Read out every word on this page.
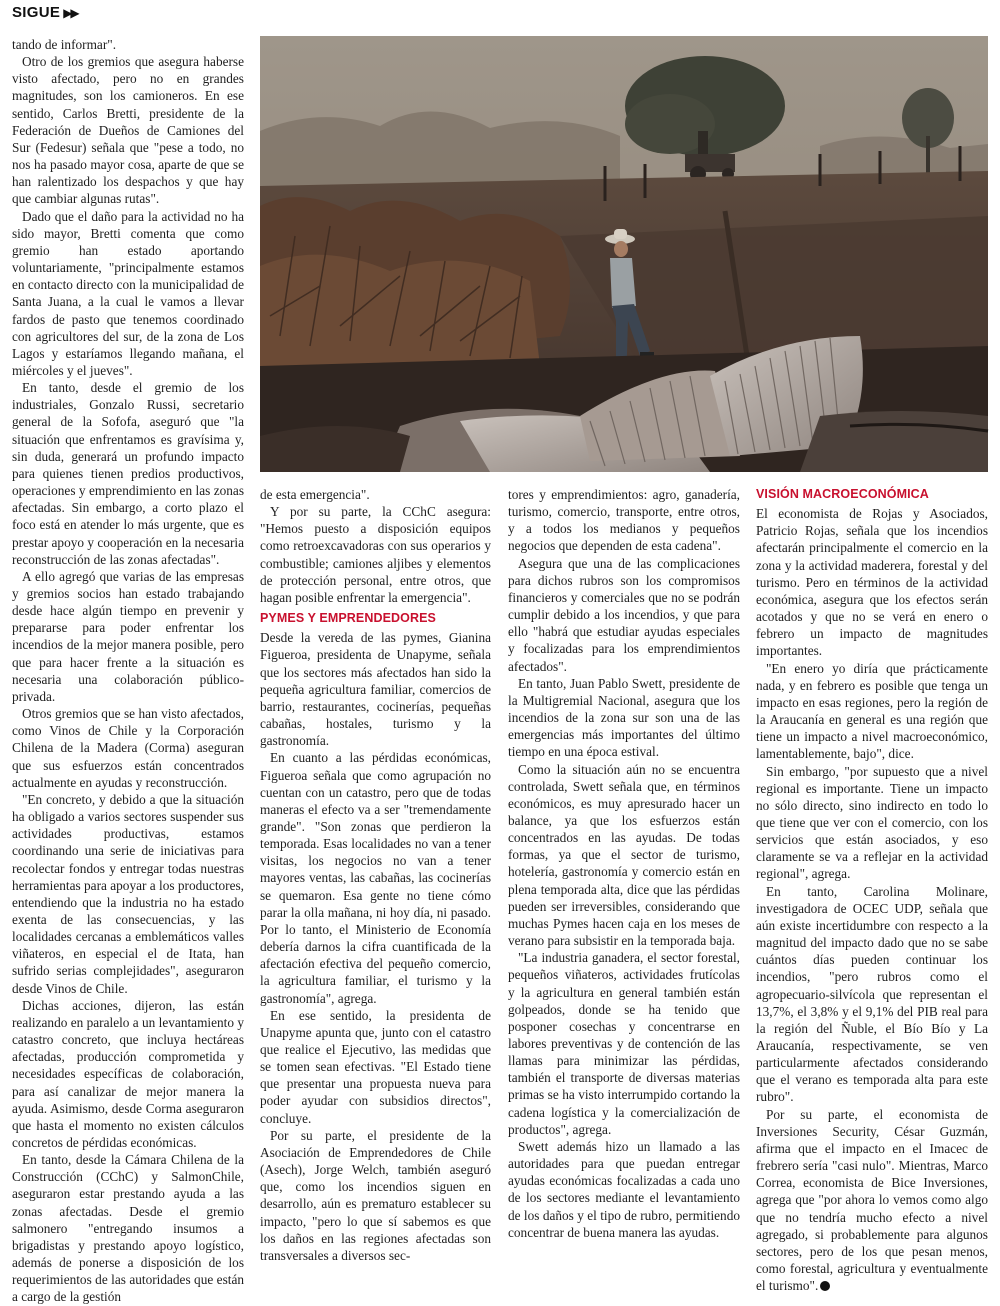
SIGUE ▶▶

tando de informar".

Otro de los gremios que asegura haberse visto afectado, pero no en grandes magnitudes, son los camioneros. En ese sentido, Carlos Bretti, presidente de la Federación de Dueños de Camiones del Sur (Fedesur) señala que "pese a todo, no nos ha pasado mayor cosa, aparte de que se han ralentizado los despachos y que hay que cambiar algunas rutas".

Dado que el daño para la actividad no ha sido mayor, Bretti comenta que como gremio han estado aportando voluntariamente, "principalmente estamos en contacto directo con la municipalidad de Santa Juana, a la cual le vamos a llevar fardos de pasto que tenemos coordinado con agricultores del sur, de la zona de Los Lagos y estaríamos llegando mañana, el miércoles y el jueves".

En tanto, desde el gremio de los industriales, Gonzalo Russi, secretario general de la Sofofa, aseguró que "la situación que enfrentamos es gravísima y, sin duda, generará un profundo impacto para quienes tienen predios productivos, operaciones y emprendimiento en las zonas afectadas. Sin embargo, a corto plazo el foco está en atender lo más urgente, que es prestar apoyo y cooperación en la necesaria reconstrucción de las zonas afectadas".

A ello agregó que varias de las empresas y gremios socios han estado trabajando desde hace algún tiempo en prevenir y prepararse para poder enfrentar los incendios de la mejor manera posible, pero que para hacer frente a la situación es necesaria una colaboración público-privada.

Otros gremios que se han visto afectados, como Vinos de Chile y la Corporación Chilena de la Madera (Corma) aseguran que sus esfuerzos están concentrados actualmente en ayudas y reconstrucción.

"En concreto, y debido a que la situación ha obligado a varios sectores suspender sus actividades productivas, estamos coordinando una serie de iniciativas para recolectar fondos y entregar todas nuestras herramientas para apoyar a los productores, entendiendo que la industria no ha estado exenta de las consecuencias, y las localidades cercanas a emblemáticos valles viñateros, en especial el de Itata, han sufrido serias complejidades", aseguraron desde Vinos de Chile.

Dichas acciones, dijeron, las están realizando en paralelo a un levantamiento y catastro concreto, que incluya hectáreas afectadas, producción comprometida y necesidades específicas de colaboración, para así canalizar de mejor manera la ayuda. Asimismo, desde Corma aseguraron que hasta el momento no existen cálculos concretos de pérdidas económicas.

En tanto, desde la Cámara Chilena de la Construcción (CChC) y SalmonChile, aseguraron estar prestando ayuda a las zonas afectadas. Desde el gremio salmonero "entregando insumos a brigadistas y prestando apoyo logístico, además de ponerse a disposición de los requerimientos de las autoridades que están a cargo de la gestión

de esta emergencia".

Y por su parte, la CChC asegura: "Hemos puesto a disposición equipos como retroexcavadoras con sus operarios y combustible; camiones aljibes y elementos de protección personal, entre otros, que hagan posible enfrentar la emergencia".

PYMES Y EMPRENDEDORES

Desde la vereda de las pymes, Gianina Figueroa, presidenta de Unapyme, señala que los sectores más afectados han sido la pequeña agricultura familiar, comercios de barrio, restaurantes, cocinerías, pequeñas cabañas, hostales, turismo y la gastronomía.

En cuanto a las pérdidas económicas, Figueroa señala que como agrupación no cuentan con un catastro, pero que de todas maneras el efecto va a ser "tremendamente grande". "Son zonas que perdieron la temporada. Esas localidades no van a tener visitas, los negocios no van a tener mayores ventas, las cabañas, las cocinerías se quemaron. Esa gente no tiene cómo parar la olla mañana, ni hoy día, ni pasado. Por lo tanto, el Ministerio de Economía debería darnos la cifra cuantificada de la afectación efectiva del pequeño comercio, la agricultura familiar, el turismo y la gastronomía", agrega.

En ese sentido, la presidenta de Unapyme apunta que, junto con el catastro que realice el Ejecutivo, las medidas que se tomen sean efectivas. "El Estado tiene que presentar una propuesta nueva para poder ayudar con subsidios directos", concluye.

Por su parte, el presidente de la Asociación de Emprendedores de Chile (Asech), Jorge Welch, también aseguró que, como los incendios siguen en desarrollo, aún es prematuro establecer su impacto, "pero lo que sí sabemos es que los daños en las regiones afectadas son transversales a diversos sec-

tores y emprendimientos: agro, ganadería, turismo, comercio, transporte, entre otros, y a todos los medianos y pequeños negocios que dependen de esta cadena".

Asegura que una de las complicaciones para dichos rubros son los compromisos financieros y comerciales que no se podrán cumplir debido a los incendios, y que para ello "habrá que estudiar ayudas especiales y focalizadas para los emprendimientos afectados".

En tanto, Juan Pablo Swett, presidente de la Multigremial Nacional, asegura que los incendios de la zona sur son una de las emergencias más importantes del último tiempo en una época estival.

Como la situación aún no se encuentra controlada, Swett señala que, en términos económicos, es muy apresurado hacer un balance, ya que los esfuerzos están concentrados en las ayudas. De todas formas, ya que el sector de turismo, hotelería, gastronomía y comercio están en plena temporada alta, dice que las pérdidas pueden ser irreversibles, considerando que muchas Pymes hacen caja en los meses de verano para subsistir en la temporada baja.

"La industria ganadera, el sector forestal, pequeños viñateros, actividades frutícolas y la agricultura en general también están golpeados, donde se ha tenido que posponer cosechas y concentrarse en labores preventivas y de contención de las llamas para minimizar las pérdidas, también el transporte de diversas materias primas se ha visto interrumpido cortando la cadena logística y la comercialización de productos", agrega.

Swett además hizo un llamado a las autoridades para que puedan entregar ayudas económicas focalizadas a cada uno de los sectores mediante el levantamiento de los daños y el tipo de rubro, permitiendo concentrar de buena manera las ayudas.

VISIÓN MACROECONÓMICA

El economista de Rojas y Asociados, Patricio Rojas, señala que los incendios afectarán principalmente el comercio en la zona y la actividad maderera, forestal y del turismo. Pero en términos de la actividad económica, asegura que los efectos serán acotados y que no se verá en enero o febrero un impacto de magnitudes importantes.

"En enero yo diría que prácticamente nada, y en febrero es posible que tenga un impacto en esas regiones, pero la región de la Araucanía en general es una región que tiene un impacto a nivel macroeconómico, lamentablemente, bajo", dice.

Sin embargo, "por supuesto que a nivel regional es importante. Tiene un impacto no sólo directo, sino indirecto en todo lo que tiene que ver con el comercio, con los servicios que están asociados, y eso claramente se va a reflejar en la actividad regional", agrega.

En tanto, Carolina Molinare, investigadora de OCEC UDP, señala que aún existe incertidumbre con respecto a la magnitud del impacto dado que no se sabe cuántos días pueden continuar los incendios, "pero rubros como el agropecuario-silvícola que representan el 13,7%, el 3,8% y el 9,1% del PIB real para la región del Ñuble, el Bío Bío y La Araucanía, respectivamente, se ven particularmente afectados considerando que el verano es temporada alta para este rubro".

Por su parte, el economista de Inversiones Security, César Guzmán, afirma que el impacto en el Imacec de frebrero sería "casi nulo". Mientras, Marco Correa, economista de Bice Inversiones, agrega que "por ahora lo vemos como algo que no tendría mucho efecto a nivel agregado, si probablemente para algunos sectores, pero de los que pesan menos, como forestal, agricultura y eventualmente el turismo".
